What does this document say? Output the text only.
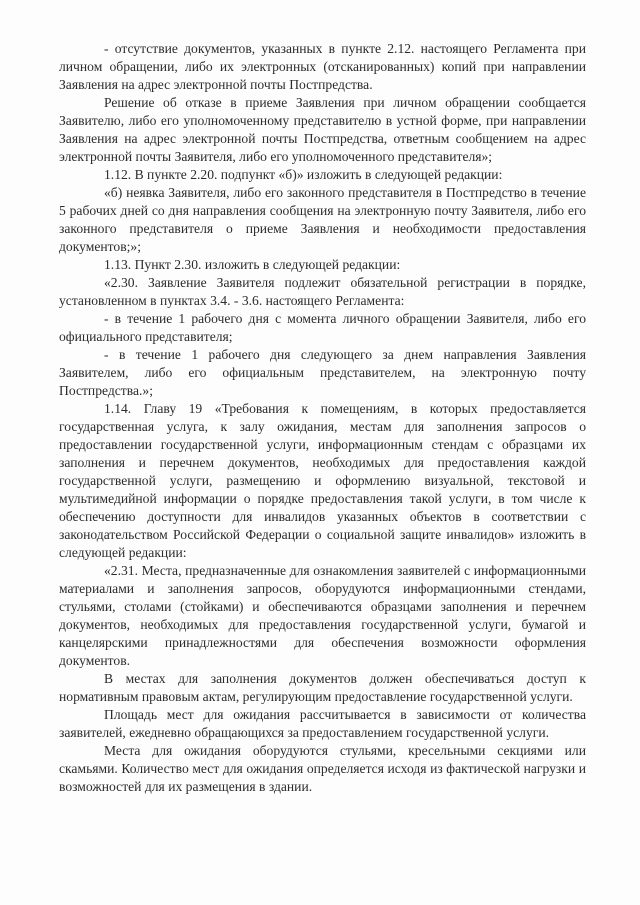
- отсутствие документов, указанных в пункте 2.12. настоящего Регламента при личном обращении, либо их электронных (отсканированных) копий при направлении Заявления на адрес электронной почты Постпредства.

Решение об отказе в приеме Заявления при личном обращении сообщается Заявителю, либо его уполномоченному представителю в устной форме, при направлении Заявления на адрес электронной почты Постпредства, ответным сообщением на адрес электронной почты Заявителя, либо его уполномоченного представителя»;

1.12. В пункте 2.20. подпункт «б)» изложить в следующей редакции:

«б) неявка Заявителя, либо его законного представителя в Постпредство в течение 5 рабочих дней со дня направления сообщения на электронную почту Заявителя, либо его законного представителя о приеме Заявления и необходимости предоставления документов;»;

1.13. Пункт 2.30. изложить в следующей редакции:

«2.30. Заявление Заявителя подлежит обязательной регистрации в порядке, установленном в пунктах 3.4. - 3.6. настоящего Регламента:

- в течение 1 рабочего дня с момента личного обращении Заявителя, либо его официального представителя;

- в течение 1 рабочего дня следующего за днем направления Заявления Заявителем, либо его официальным представителем, на электронную почту Постпредства.»;

1.14. Главу 19 «Требования к помещениям, в которых предоставляется государственная услуга, к залу ожидания, местам для заполнения запросов о предоставлении государственной услуги, информационным стендам с образцами их заполнения и перечнем документов, необходимых для предоставления каждой государственной услуги, размещению и оформлению визуальной, текстовой и мультимедийной информации о порядке предоставления такой услуги, в том числе к обеспечению доступности для инвалидов указанных объектов в соответствии с законодательством Российской Федерации о социальной защите инвалидов» изложить в следующей редакции:

«2.31. Места, предназначенные для ознакомления заявителей с информационными материалами и заполнения запросов, оборудуются информационными стендами, стульями, столами (стойками) и обеспечиваются образцами заполнения и перечнем документов, необходимых для предоставления государственной услуги, бумагой и канцелярскими принадлежностями для обеспечения возможности оформления документов.

В местах для заполнения документов должен обеспечиваться доступ к нормативным правовым актам, регулирующим предоставление государственной услуги.

Площадь мест для ожидания рассчитывается в зависимости от количества заявителей, ежедневно обращающихся за предоставлением государственной услуги.

Места для ожидания оборудуются стульями, кресельными секциями или скамьями. Количество мест для ожидания определяется исходя из фактической нагрузки и возможностей для их размещения в здании.
